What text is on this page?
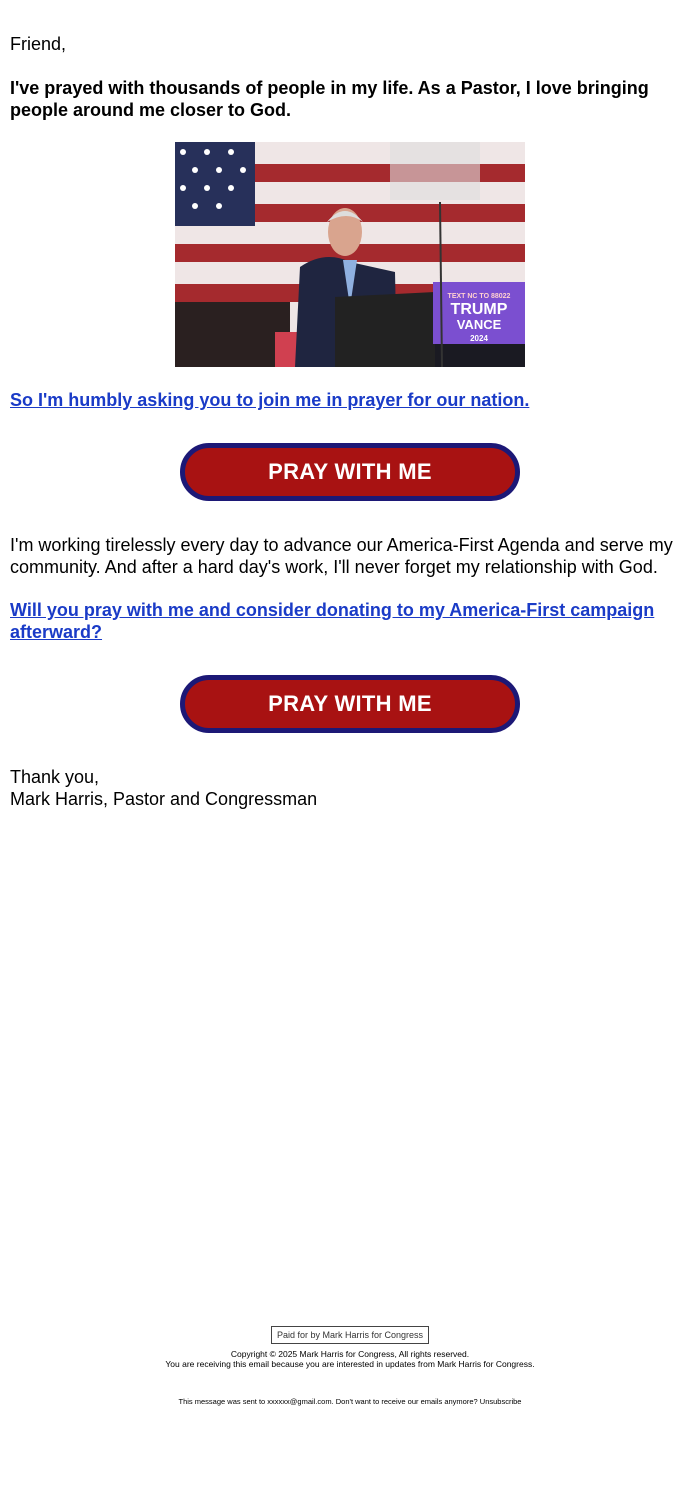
Friend,

I've prayed with thousands of people in my life. As a Pastor, I love bringing people around me closer to God.

TEXT NC TO 88022
TRUMP
VANCE
2024

So I'm humbly asking you to join me in prayer for our nation.

PRAY WITH ME

I'm working tirelessly every day to advance our America-First Agenda and serve my community. And after a hard day's work, I'll never forget my relationship with God.

Will you pray with me and consider donating to my America-First campaign afterward?

PRAY WITH ME

Thank you,

Mark Harris, Pastor and Congressman

Paid for by Mark Harris for Congress
Copyright © 2025 Mark Harris for Congress, All rights reserved.
You are receiving this email because you are interested in updates from Mark Harris for Congress.
This message was sent to xxxxxx@gmail.com. Don't want to receive our emails anymore? Unsubscribe
